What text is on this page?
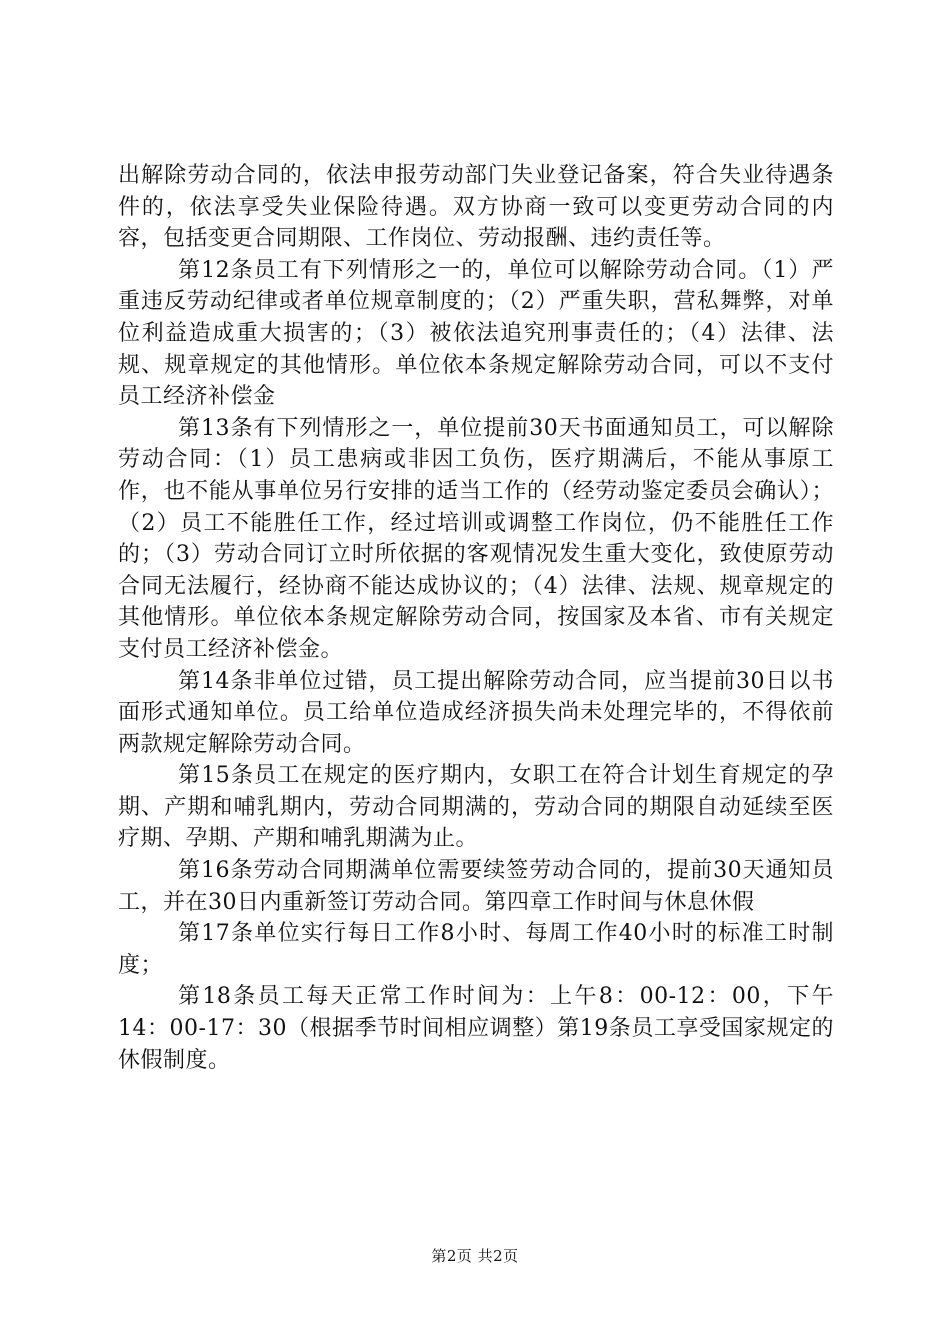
出解除劳动合同的，依法申报劳动部门失业登记备案，符合失业待遇条件的，依法享受失业保险待遇。双方协商一致可以变更劳动合同的内容，包括变更合同期限、工作岗位、劳动报酬、违约责任等。

第12条员工有下列情形之一的，单位可以解除劳动合同。（1）严重违反劳动纪律或者单位规章制度的；（2）严重失职，营私舞弊，对单位利益造成重大损害的；（3）被依法追究刑事责任的；（4）法律、法规、规章规定的其他情形。单位依本条规定解除劳动合同，可以不支付员工经济补偿金

第13条有下列情形之一，单位提前30天书面通知员工，可以解除劳动合同：（1）员工患病或非因工负伤，医疗期满后，不能从事原工作，也不能从事单位另行安排的适当工作的（经劳动鉴定委员会确认）；（2）员工不能胜任工作，经过培训或调整工作岗位，仍不能胜任工作的；（3）劳动合同订立时所依据的客观情况发生重大变化，致使原劳动合同无法履行，经协商不能达成协议的；（4）法律、法规、规章规定的其他情形。单位依本条规定解除劳动合同，按国家及本省、市有关规定支付员工经济补偿金。

第14条非单位过错，员工提出解除劳动合同，应当提前30日以书面形式通知单位。员工给单位造成经济损失尚未处理完毕的，不得依前两款规定解除劳动合同。

第15条员工在规定的医疗期内，女职工在符合计划生育规定的孕期、产期和哺乳期内，劳动合同期满的，劳动合同的期限自动延续至医疗期、孕期、产期和哺乳期满为止。

第16条劳动合同期满单位需要续签劳动合同的，提前30天通知员工，并在30日内重新签订劳动合同。第四章工作时间与休息休假

第17条单位实行每日工作8小时、每周工作40小时的标准工时制度；

第18条员工每天正常工作时间为：上午8：00-12：00，下午14：00-17：30（根据季节时间相应调整）第19条员工享受国家规定的休假制度。

第2页 共2页
